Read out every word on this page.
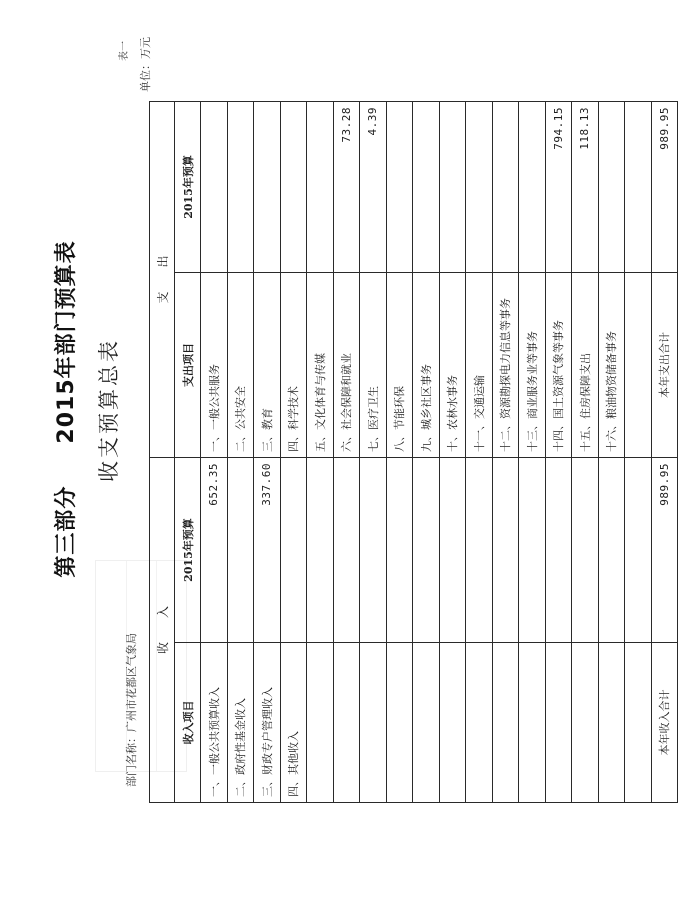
第三部分
2015年部门预算表 收支预算总表
表一
部门名称：广州市花都区气象局
单位：万元
收　　入		支　　出	
收入项目	2015年预算	支出项目	2015年预算
一、一般公共预算收入	652.35	一、一般公共服务	
二、政府性基金收入		二、公共安全	
三、财政专户管理收入	337.60	三、教育	
四、其他收入		四、科学技术	
		五、文化体育与传媒	
		六、社会保障和就业	73.28
		七、医疗卫生	4.39
		八、节能环保	
		九、城乡社区事务	
		十、农林水事务	
		十一、交通运输	
		十二、资源勘探电力信息等事务	
		十三、商业服务业等事务	
		十四、国土资源气象等事务	794.15
		十五、住房保障支出	118.13
		十六、粮油物资储备事务	

本年收入合计	989.95	本年支出合计	989.95
